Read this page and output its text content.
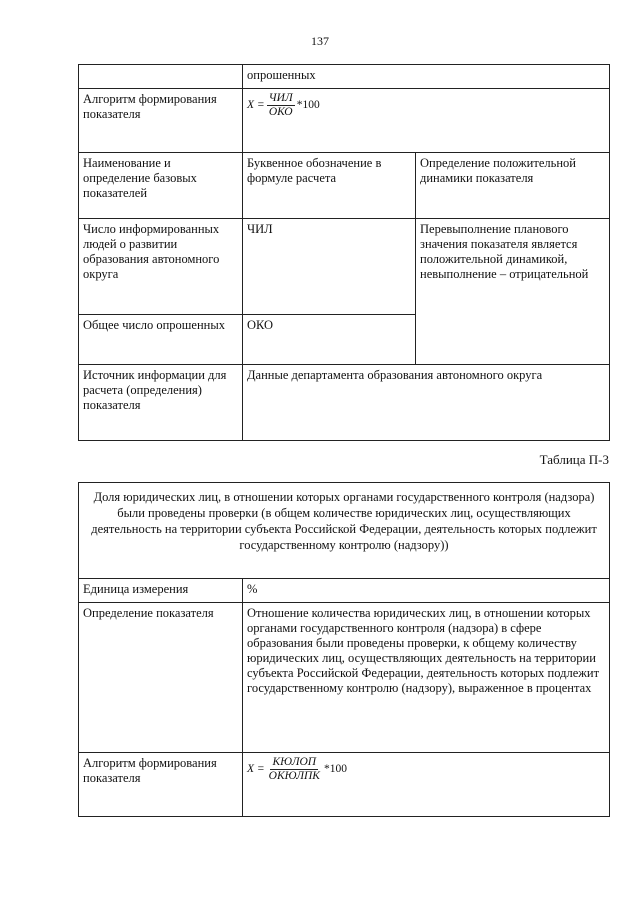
137
	опрошенных	
Алгоритм формирования показателя	$X = \frac{\text{ЧИЛ}}{\text{ОКО}} *100$	

Наименование и определение базовых показателей	Буквенное обозначение в формуле расчета	Определение положительной динамики показателя
Число информированных людей о развитии образования автономного округа	ЧИЛ	Перевыполнение планового значения показателя является положительной динамикой, невыполнение – отрицательной
Общее число опрошенных	ОКО	
Источник информации для расчета (определения) показателя	Данные департамента образования автономного округа	
Таблица П-3
Доля юридических лиц, в отношении которых органами государственного контроля (надзора) были проведены проверки (в общем количестве юридических лиц, осуществляющих деятельность на территории субъекта Российской Федерации, деятельность которых подлежит государственному контролю (надзору))	
Единица измерения	%
Определение показателя	Отношение количества юридических лиц, в отношении которых органами государственного контроля (надзора) в сфере образования были проведены проверки, к общему количеству юридических лиц, осуществляющих деятельность на территории субъекта Российской Федерации, деятельность которых подлежит государственному контролю (надзору), выраженное в процентах
Алгоритм формирования показателя	$X = \frac{\text{КЮЛОП}}{\text{ОКЮЛПК}} *100$
